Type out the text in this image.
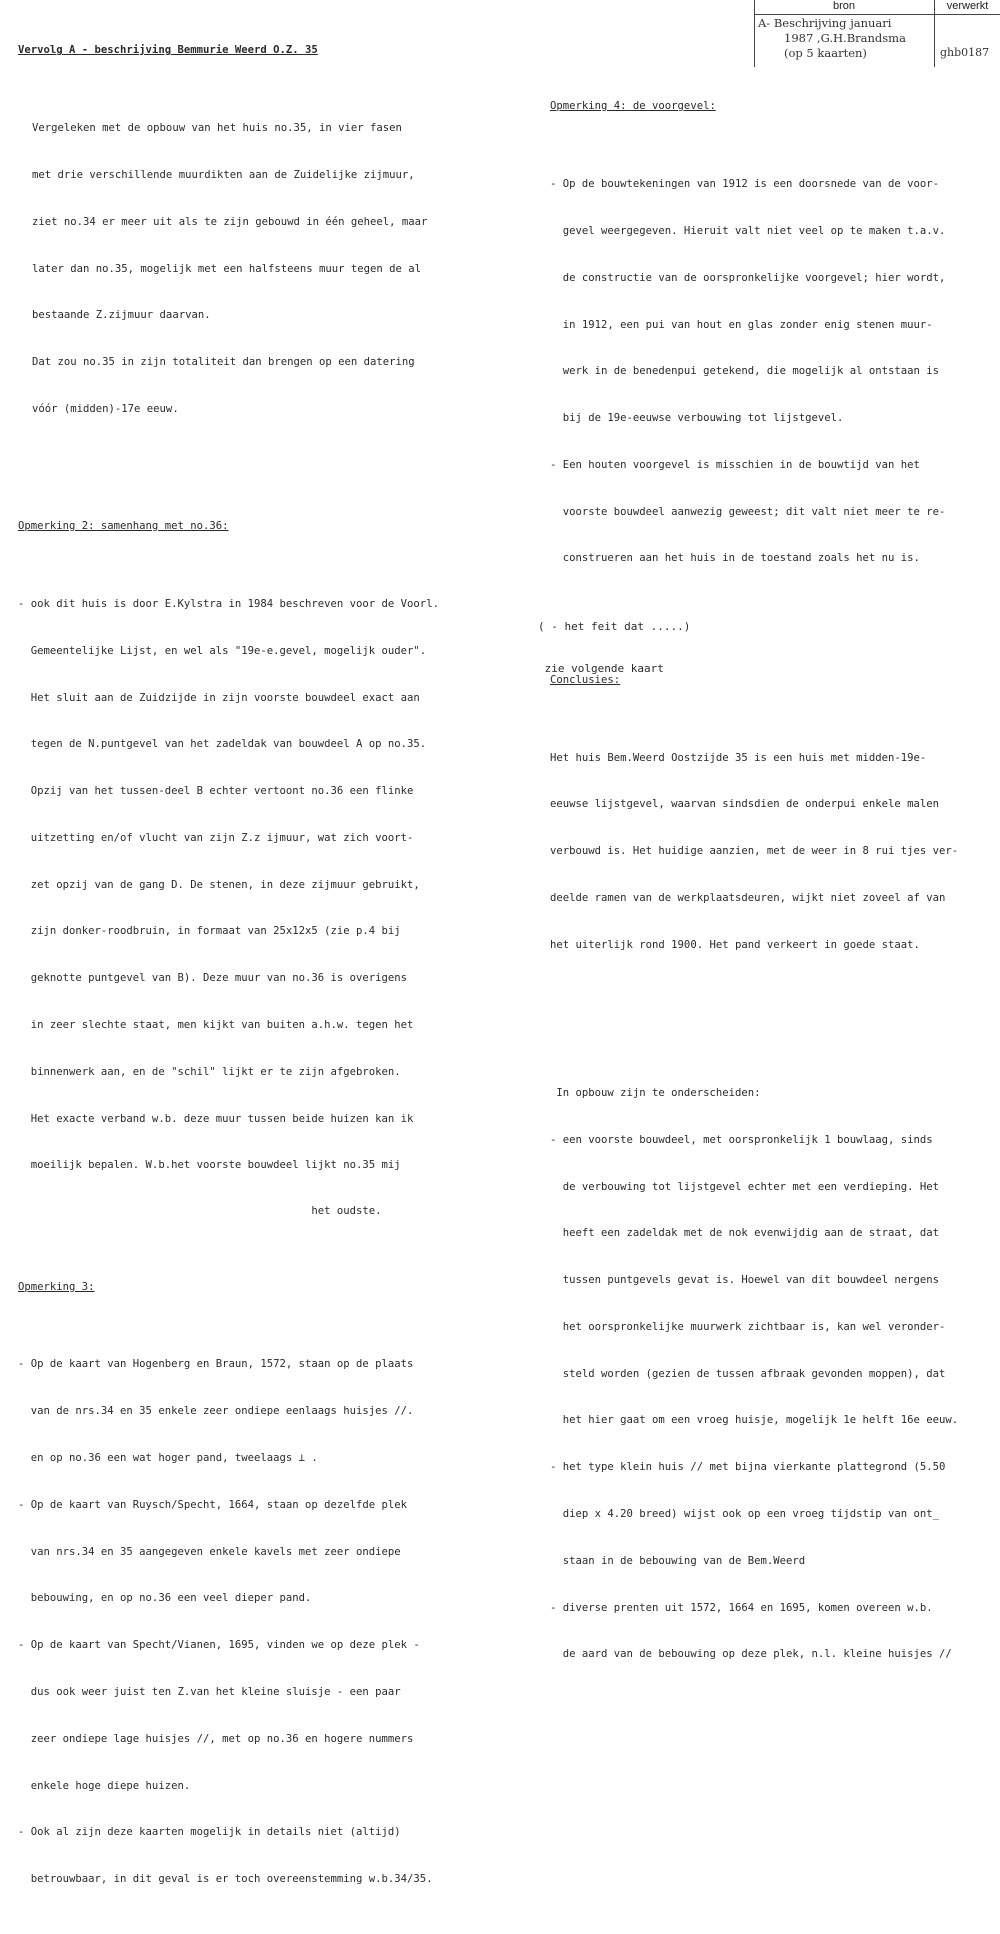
bron	verwerkt
A- Beschrijving januari
1987 ,G.H.Brandsma
(op 5 kaarten)	ghb0187

Vervolg A - beschrijving Bemmurie Weerd O.Z. 35

Vergeleken met de opbouw van het huis no.35, in vier fasen

met drie verschillende muurdikten aan de Zuidelijke zijmuur,

ziet no.34 er meer uit als te zijn gebouwd in één geheel, maar

later dan no.35, mogelijk met een halfsteens muur tegen de al

bestaande Z.zijmuur daarvan.

Dat zou no.35 in zijn totaliteit dan brengen op een datering

vóór (midden)-17e eeuw.

Opmerking 2: samenhang met no.36:

- ook dit huis is door E.Kylstra in 1984 beschreven voor de Voorl.

Gemeentelijke Lijst, en wel als "19e-e.gevel, mogelijk ouder".

Het sluit aan de Zuidzijde in zijn voorste bouwdeel exact aan

tegen de N.puntgevel van het zadeldak van bouwdeel A op no.35.

Opzij van het tussen-deel B echter vertoont no.36 een flinke

uitzetting en/of vlucht van zijn Z.z ijmuur, wat zich voort-

zet opzij van de gang D. De stenen, in deze zijmuur gebruikt,

zijn donker-roodbruin, in formaat van 25x12x5 (zie p.4 bij

geknotte puntgevel van B). Deze muur van no.36 is overigens

in zeer slechte staat, men kijkt van buiten a.h.w. tegen het

binnenwerk aan, en de "schil" lijkt er te zijn afgebroken.

Het exacte verband w.b. deze muur tussen beide huizen kan ik

moeilijk bepalen. W.b.het voorste bouwdeel lijkt no.35 mij

het oudste.

Opmerking 3:

- Op de kaart van Hogenberg en Braun, 1572, staan op de plaats

van de nrs.34 en 35 enkele zeer ondiepe eenlaags huisjes //.

en op no.36 een wat hoger pand, tweelaags ⊥ .

- Op de kaart van Ruysch/Specht, 1664, staan op dezelfde plek

van nrs.34 en 35 aangegeven enkele kavels met zeer ondiepe

bebouwing, en op no.36 een veel dieper pand.

- Op de kaart van Specht/Vianen, 1695, vinden we op deze plek -

dus ook weer juist ten Z.van het kleine sluisje - een paar

zeer ondiepe lage huisjes //, met op no.36 en hogere nummers

enkele hoge diepe huizen.

- Ook al zijn deze kaarten mogelijk in details niet (altijd)

betrouwbaar, in dit geval is er toch overeenstemming w.b.34/35.

Opmerking 4: de voorgevel:

- Op de bouwtekeningen van 1912 is een doorsnede van de voor-

gevel weergegeven. Hieruit valt niet veel op te maken t.a.v.

de constructie van de oorspronkelijke voorgevel; hier wordt,

in 1912, een pui van hout en glas zonder enig stenen muur-

werk in de benedenpui getekend, die mogelijk al ontstaan is

bij de 19e-eeuwse verbouwing tot lijstgevel.

- Een houten voorgevel is misschien in de bouwtijd van het

voorste bouwdeel aanwezig geweest; dit valt niet meer te re-

construeren aan het huis in de toestand zoals het nu is.

Conclusies:

Het huis Bem.Weerd Oostzijde 35 is een huis met midden-19e-

eeuwse lijstgevel, waarvan sindsdien de onderpui enkele malen

verbouwd is. Het huidige aanzien, met de weer in 8 rui tjes ver-

deelde ramen van de werkplaatsdeuren, wijkt niet zoveel af van

het uiterlijk rond 1900. Het pand verkeert in goede staat.

In opbouw zijn te onderscheiden:

- een voorste bouwdeel, met oorspronkelijk 1 bouwlaag, sinds

de verbouwing tot lijstgevel echter met een verdieping. Het

heeft een zadeldak met de nok evenwijdig aan de straat, dat

tussen puntgevels gevat is. Hoewel van dit bouwdeel nergens

het oorspronkelijke muurwerk zichtbaar is, kan wel veronder-

steld worden (gezien de tussen afbraak gevonden moppen), dat

het hier gaat om een vroeg huisje, mogelijk 1e helft 16e eeuw.

- het type klein huis // met bijna vierkante plattegrond (5.50

diep x 4.20 breed) wijst ook op een vroeg tijdstip van ont_

staan in de bebouwing van de Bem.Weerd

- diverse prenten uit 1572, 1664 en 1695, komen overeen w.b.

de aard van de bebouwing op deze plek, n.l. kleine huisjes //

( - het feit dat .....)

zie volgende kaart
